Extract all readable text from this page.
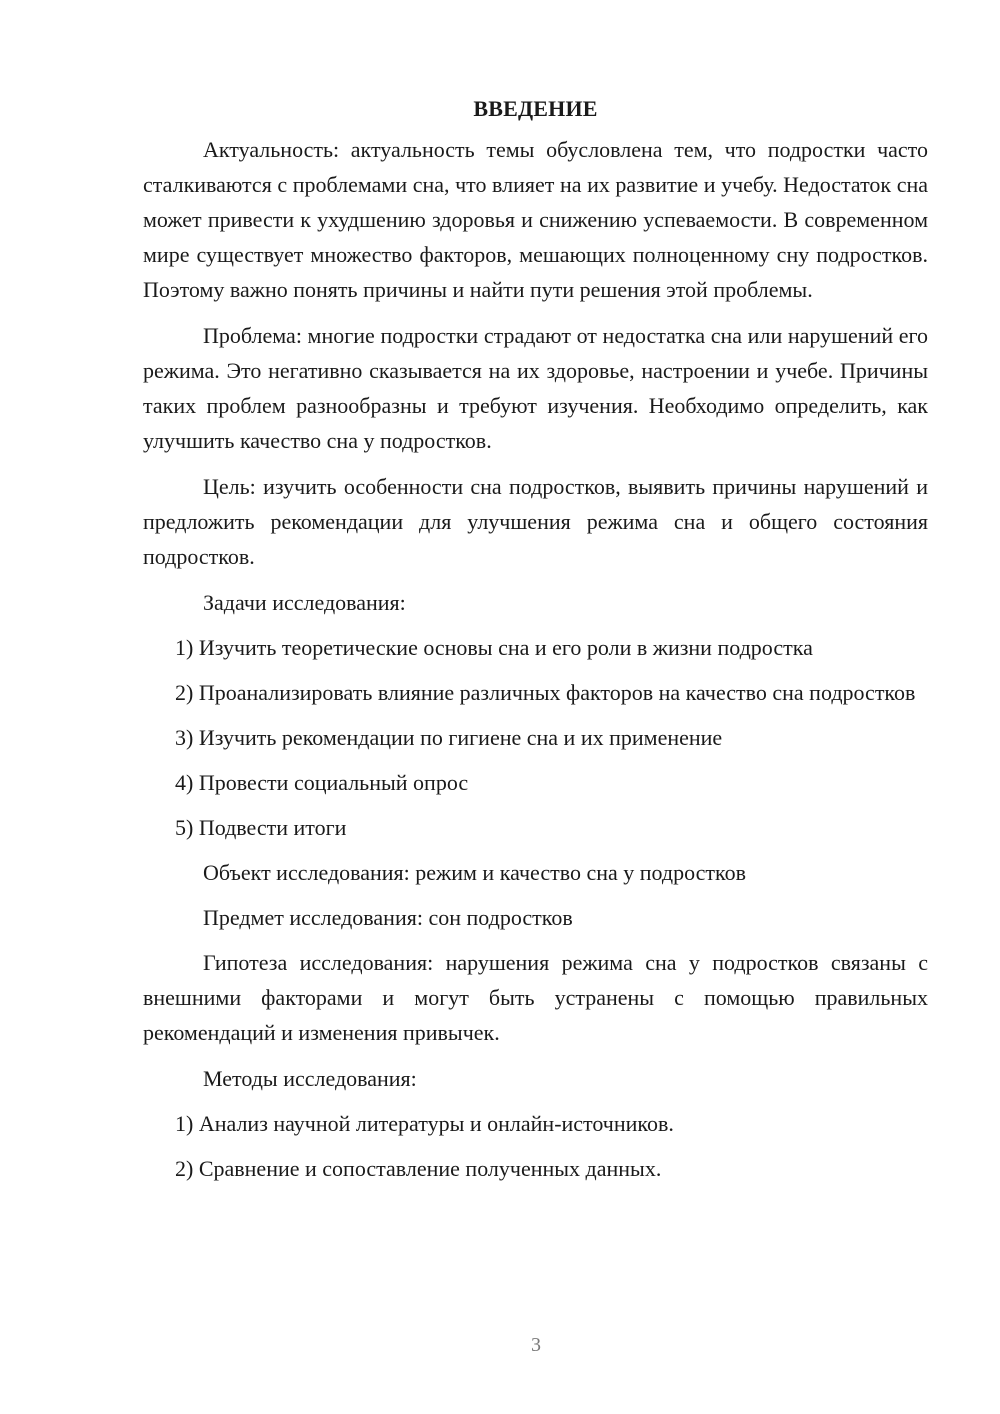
ВВЕДЕНИЕ

Актуальность: актуальность темы обусловлена тем, что подростки часто сталкиваются с проблемами сна, что влияет на их развитие и учебу. Недостаток сна может привести к ухудшению здоровья и снижению успеваемости. В современном мире существует множество факторов, мешающих полноценному сну подростков. Поэтому важно понять причины и найти пути решения этой проблемы.

Проблема: многие подростки страдают от недостатка сна или нарушений его режима. Это негативно сказывается на их здоровье, настроении и учебе. Причины таких проблем разнообразны и требуют изучения. Необходимо определить, как улучшить качество сна у подростков.

Цель: изучить особенности сна подростков, выявить причины нарушений и предложить рекомендации для улучшения режима сна и общего состояния подростков.

Задачи исследования:
1) Изучить теоретические основы сна и его роли в жизни подростка
2) Проанализировать влияние различных факторов на качество сна подростков
3) Изучить рекомендации по гигиене сна и их применение
4) Провести социальный опрос
5) Подвести итоги
Объект исследования: режим и качество сна у подростков
Предмет исследования: сон подростков

Гипотеза исследования: нарушения режима сна у подростков связаны с внешними факторами и могут быть устранены с помощью правильных рекомендаций и изменения привычек.

Методы исследования:
1) Анализ научной литературы и онлайн-источников.
2) Сравнение и сопоставление полученных данных.
3
